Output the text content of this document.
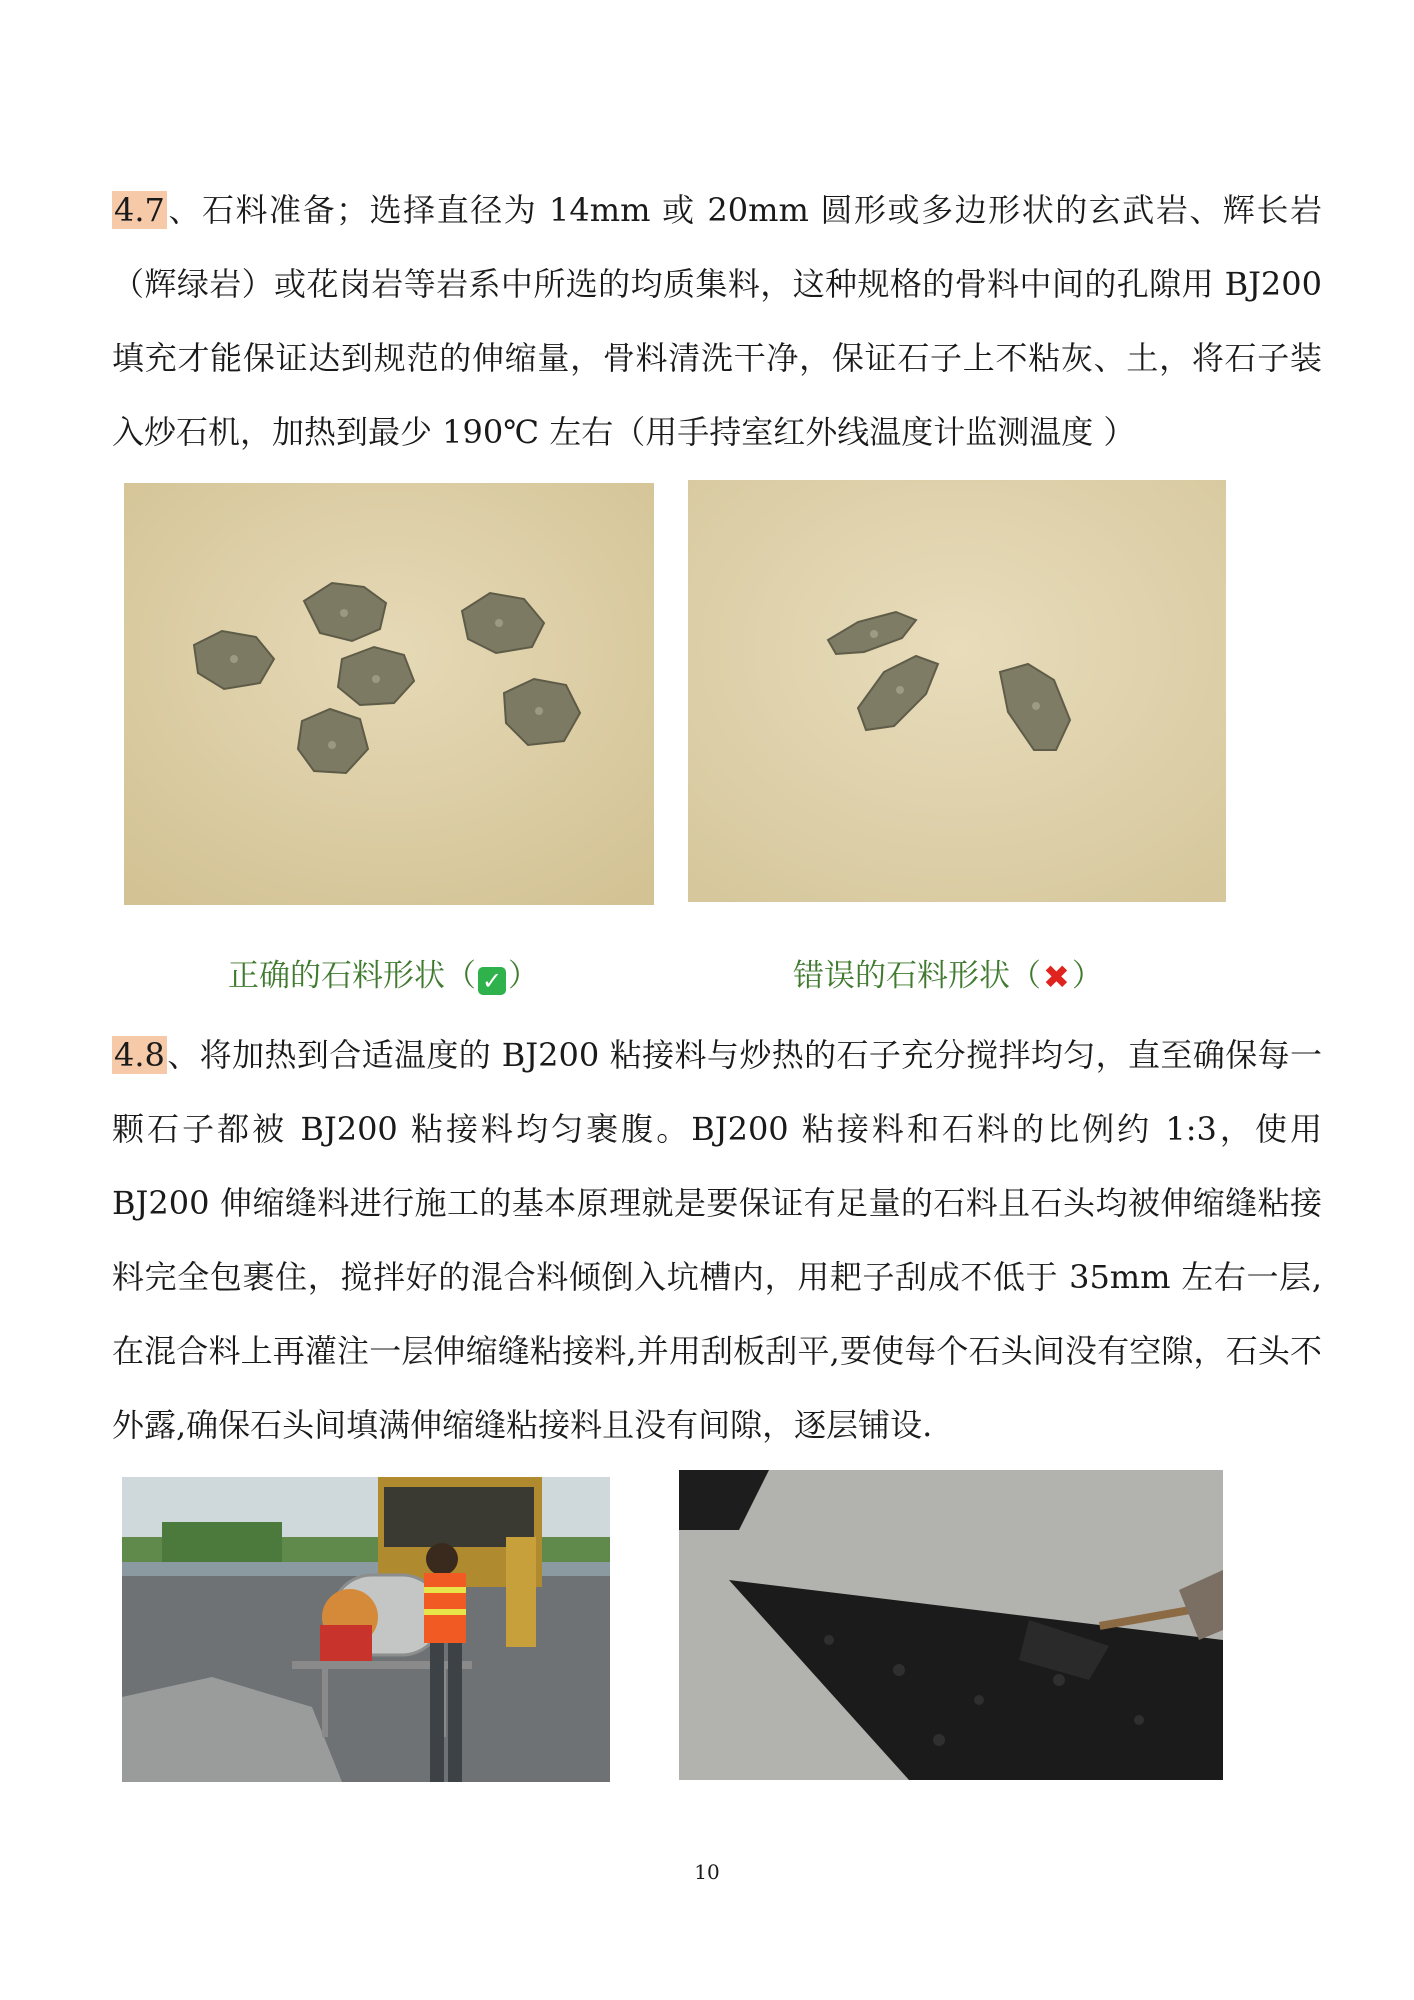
4.7、石料准备；选择直径为 14mm 或 20mm 圆形或多边形状的玄武岩、辉长岩（辉绿岩）或花岗岩等岩系中所选的均质集料，这种规格的骨料中间的孔隙用 BJ200 填充才能保证达到规范的伸缩量，骨料清洗干净，保证石子上不粘灰、土，将石子装入炒石机，加热到最少 190℃ 左右（用手持室红外线温度计监测温度 ）

正确的石料形状（ ✓ ）	错误的石料形状（✖）

4.8、将加热到合适温度的 BJ200 粘接料与炒热的石子充分搅拌均匀，直至确保每一颗石子都被 BJ200 粘接料均匀裹腹。BJ200 粘接料和石料的比例约 1:3，使用 BJ200 伸缩缝料进行施工的基本原理就是要保证有足量的石料且石头均被伸缩缝粘接料完全包裹住，搅拌好的混合料倾倒入坑槽内，用耙子刮成不低于 35mm 左右一层,在混合料上再灌注一层伸缩缝粘接料,并用刮板刮平,要使每个石头间没有空隙，石头不外露,确保石头间填满伸缩缝粘接料且没有间隙，逐层铺设.

10
